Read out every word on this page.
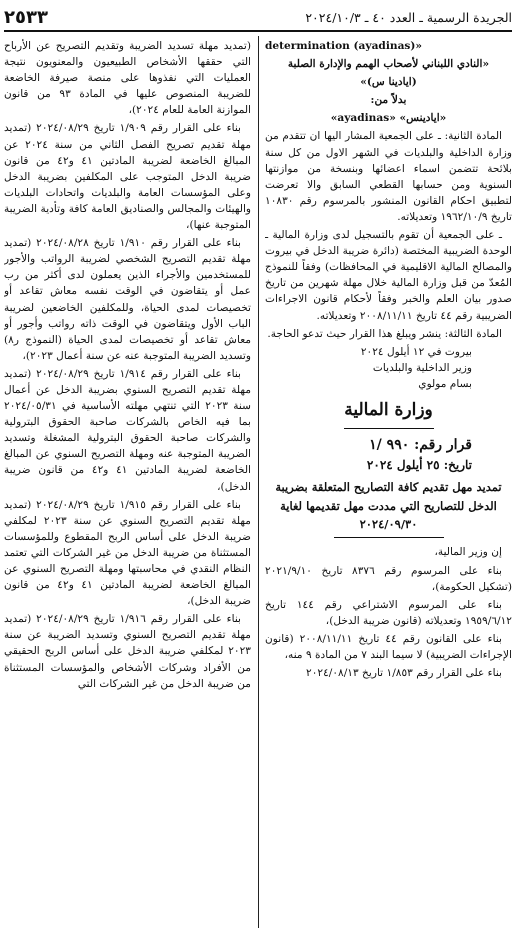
الجريدة الرسمية ـ العدد ٤٠ ـ ٢٠٢٤/١٠/٣
٢٥٣٣

determination (ayadinas)»

«النادي اللبناني لأصحاب الهمم والإدارة الصلبة

(ايادينا س)»

بدلاً من:

«ايادينس» «ayadinas»

المادة الثانية: ـ على الجمعية المشار اليها ان تتقدم من وزارة الداخلية والبلديات في الشهر الاول من كل سنة بلائحة تتضمن اسماء اعضائها وبنسخة من موازنتها السنوية ومن حسابها القطعي السابق والا تعرضت لتطبيق احكام القانون المنشور بالمرسوم رقم ١٠٨٣٠ تاريخ ١٩٦٢/١٠/٩ وتعديلاته.

ـ على الجمعية أن تقوم بالتسجيل لدى وزارة المالية ـ الوحدة الضريبية المختصة (دائرة ضريبة الدخل في بيروت والمصالح المالية الاقليمية في المحافظات) وفقاً للنموذج المُعدّ من قبل وزارة المالية خلال مهلة شهرين من تاريخ صدور بيان العلم والخبر وفقاً لأحكام قانون الاجراءات الضريبية رقم ٤٤ تاريخ ٢٠٠٨/١١/١١ وتعديلاته.

المادة الثالثة: ينشر ويبلغ هذا القرار حيث تدعو الحاجة.

بيروت في ١٢ أيلول ٢٠٢٤

وزير الداخلية والبلديات

بسام مولوي

وزارة المالية
قرار رقم: ٩٩٠ /١
تاريخ: ٢٥ أيلول ٢٠٢٤
تمديد مهل تقديم كافة التصاريح المتعلقة بضريبة الدخل للتصاريح التي مددت مهل تقديمها لغاية ٢٠٢٤/٠٩/٣٠

إن وزير المالية،

بناء على المرسوم رقم ٨٣٧٦ تاريخ ٢٠٢١/٩/١٠ (تشكيل الحكومة)،

بناء على المرسوم الاشتراعي رقم ١٤٤ تاريخ ١٩٥٩/٦/١٢ وتعديلاته (قانون ضريبة الدخل)،

بناء على القانون رقم ٤٤ تاريخ ٢٠٠٨/١١/١١ (قانون الإجراءات الضريبية) لا سيما البند ٧ من المادة ٩ منه،

بناء على القرار رقم ١/٨٥٣ تاريخ ٢٠٢٤/٠٨/١٣

(تمديد مهلة تسديد الضريبة وتقديم التصريح عن الأرباح التي حققها الأشخاص الطبيعيون والمعنويون نتيجة العمليات التي نفذوها على منصة صيرفة الخاضعة للضريبة المنصوص عليها في المادة ٩٣ من قانون الموازنة العامة للعام ٢٠٢٤)،

بناء على القرار رقم ١/٩٠٩ تاريخ ٢٠٢٤/٠٨/٢٩ (تمديد مهلة تقديم تصريح الفصل الثاني من سنة ٢٠٢٤ عن المبالغ الخاضعة لضريبة المادتين ٤١ و٤٢ من قانون ضريبة الدخل المتوجب على المكلفين بضريبة الدخل وعلى المؤسسات العامة والبلديات واتحادات البلديات والهيئات والمجالس والصناديق العامة كافة وتأدية الضريبة المتوجبة عنها)،

بناء على القرار رقم ١/٩١٠ تاريخ ٢٠٢٤/٠٨/٢٨ (تمديد مهلة تقديم التصريح الشخصي لضريبة الرواتب والأجور للمستخدمين والأجراء الذين يعملون لدى أكثر من رب عمل أو يتقاضون في الوقت نفسه معاش تقاعد أو تخصيصات لمدى الحياة، وللمكلفين الخاضعين لضريبة الباب الأول ويتقاضون في الوقت ذاته رواتب وأجور أو معاش تقاعد أو تخصيصات لمدى الحياة (النموذج ر٨) وتسديد الضريبة المتوجبة عنه عن سنة أعمال ٢٠٢٣)،

بناء على القرار رقم ١/٩١٤ تاريخ ٢٠٢٤/٠٨/٢٩ (تمديد مهلة تقديم التصريح السنوي بضريبة الدخل عن أعمال سنة ٢٠٢٣ التي تنتهي مهلته الأساسية في ٢٠٢٤/٠٥/٣١ بما فيه الخاص بالشركات صاحبة الحقوق البترولية والشركات صاحبة الحقوق البترولية المشغلة وتسديد الضريبة المتوجبة عنه ومهلة التصريح السنوي عن المبالغ الخاضعة لضريبة المادتين ٤١ و٤٢ من قانون ضريبة الدخل)،

بناء على القرار رقم ١/٩١٥ تاريخ ٢٠٢٤/٠٨/٢٩ (تمديد مهلة تقديم التصريح السنوي عن سنة ٢٠٢٣ لمكلفي ضريبة الدخل على أساس الربح المقطوع وللمؤسسات المستثناة من ضريبة الدخل من غير الشركات التي تعتمد النظام النقدي في محاسبتها ومهلة التصريح السنوي عن المبالغ الخاضعة لضريبة المادتين ٤١ و٤٢ من قانون ضريبة الدخل)،

بناء على القرار رقم ١/٩١٦ تاريخ ٢٠٢٤/٠٨/٢٩ (تمديد مهلة تقديم التصريح السنوي وتسديد الضريبة عن سنة ٢٠٢٣ لمكلفي ضريبة الدخل على أساس الربح الحقيقي من الأفراد وشركات الأشخاص والمؤسسات المستثناة من ضريبة الدخل من غير الشركات التي
